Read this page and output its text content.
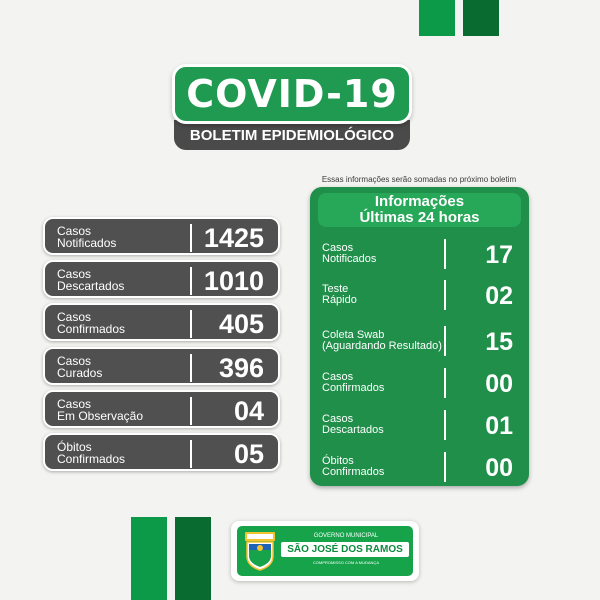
BOLETIM EPIDEMIOLÓGICO
COVID-19
Casos
Notificados	1425
Casos
Descartados	1010
Casos
Confirmados	405
Casos
Curados	396
Casos
Em Observação	04
Óbitos
Confirmados	05
Essas informações serão somadas no próximo boletim
Informações
Últimas 24 horas
Casos
Notificados	17
Teste
Rápido	02
Coleta Swab
(Aguardando Resultado)	15
Casos
Confirmados	00
Casos
Descartados	01
Óbitos
Confirmados	00
GOVERNO MUNICIPAL
SÃO JOSÉ DOS RAMOS
COMPROMISSO COM A MUDANÇA
